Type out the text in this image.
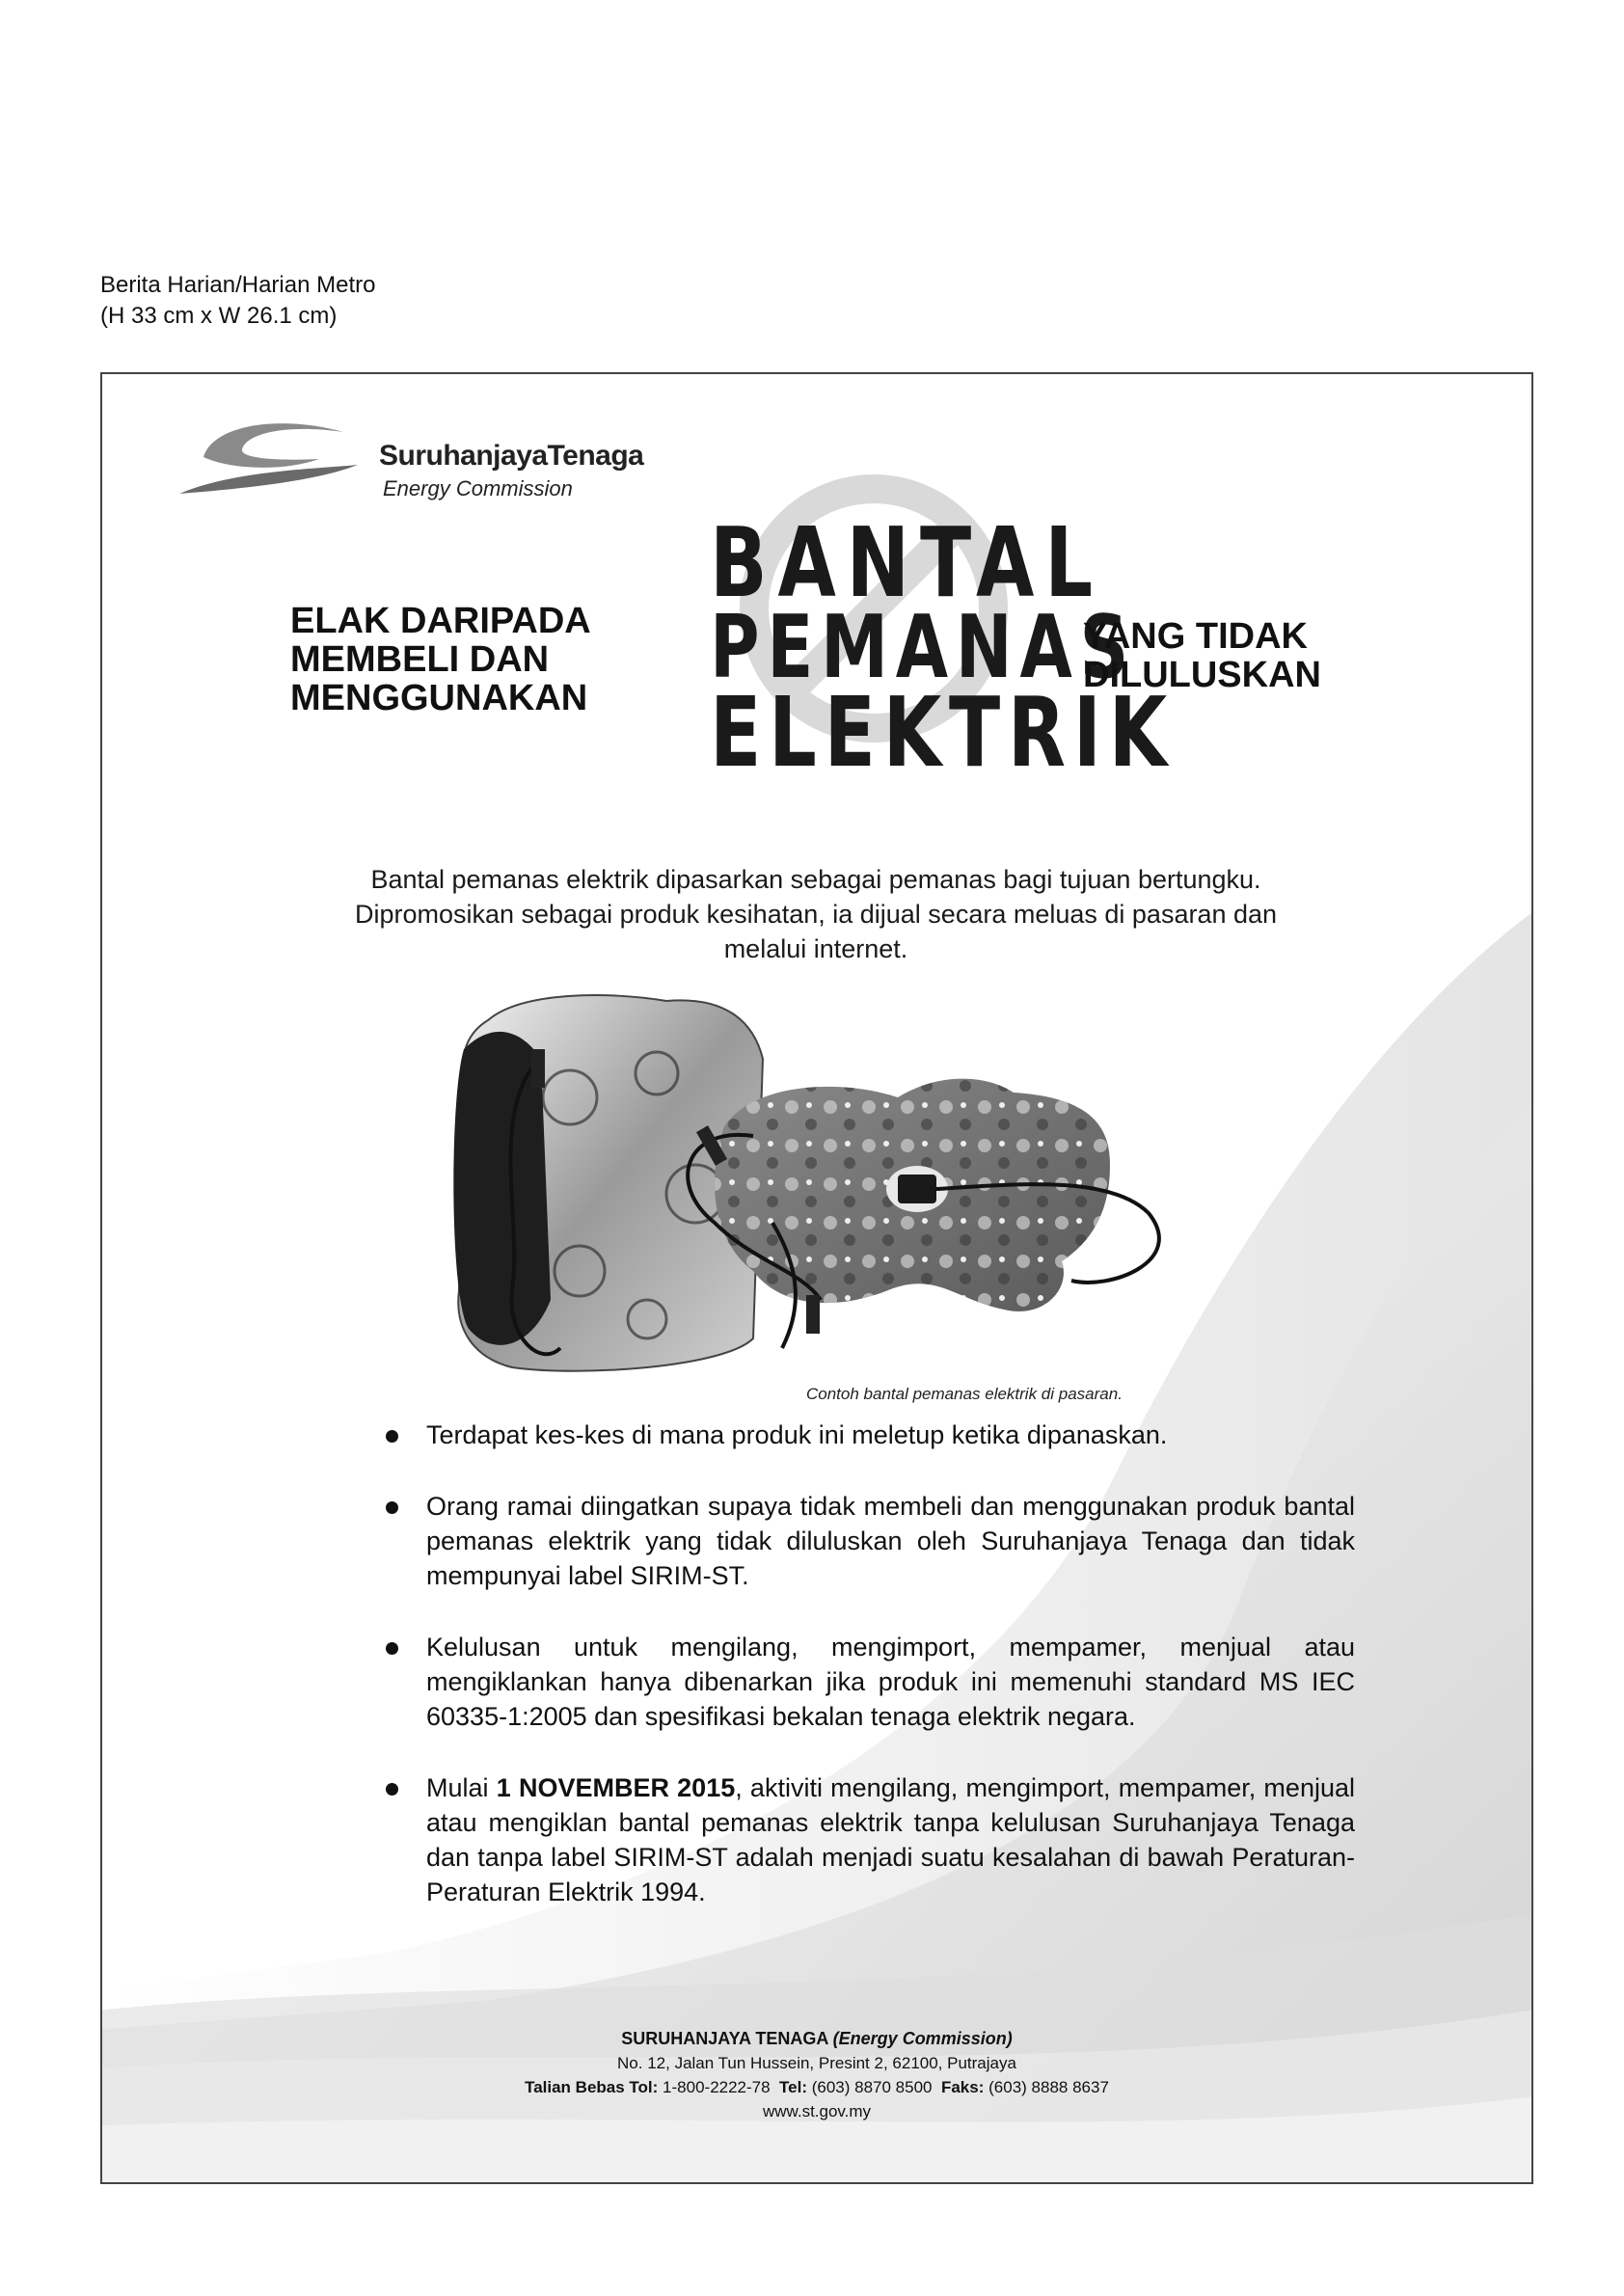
Berita Harian/Harian Metro
(H 33 cm x W 26.1 cm)
SuruhanjayaTenaga
Energy Commission
ELAK DARIPADA
MEMBELI DAN
MENGGUNAKAN
BANTAL
PEMANAS
ELEKTRIK
YANG TIDAK
DILULUSKAN
Bantal pemanas elektrik dipasarkan sebagai pemanas bagi tujuan bertungku.
Dipromosikan sebagai produk kesihatan, ia dijual secara meluas di pasaran dan
melalui internet.
Contoh bantal pemanas elektrik di pasaran.
Terdapat kes-kes di mana produk ini meletup ketika dipanaskan.
Orang ramai diingatkan supaya tidak membeli dan menggunakan produk bantal pemanas elektrik yang tidak diluluskan oleh Suruhanjaya Tenaga dan tidak mempunyai label SIRIM-ST.
Kelulusan untuk mengilang, mengimport, mempamer, menjual atau mengiklankan hanya dibenarkan jika produk ini memenuhi standard MS IEC 60335-1:2005 dan spesifikasi bekalan tenaga elektrik negara.
Mulai 1 NOVEMBER 2015, aktiviti mengilang, mengimport, mempamer, menjual atau mengiklan bantal pemanas elektrik tanpa kelulusan Suruhanjaya Tenaga dan tanpa label SIRIM-ST adalah menjadi suatu kesalahan di bawah Peraturan-Peraturan Elektrik 1994.
SURUHANJAYA TENAGA (Energy Commission)
No. 12, Jalan Tun Hussein, Presint 2, 62100, Putrajaya
Talian Bebas Tol: 1-800-2222-78 Tel: (603) 8870 8500 Faks: (603) 8888 8637
www.st.gov.my
